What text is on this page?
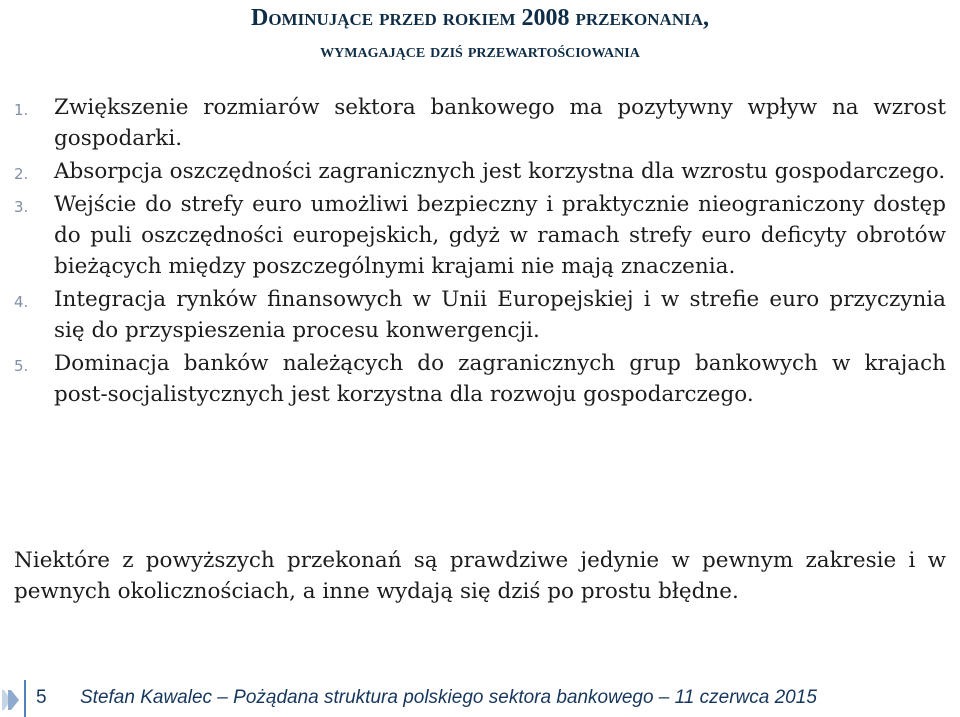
Dominujące przed rokiem 2008 przekonania,
wymagające dziś przewartościowania
1. Zwiększenie rozmiarów sektora bankowego ma pozytywny wpływ na wzrost gospodarki.
2. Absorpcja oszczędności zagranicznych jest korzystna dla wzrostu gospodarczego.
3. Wejście do strefy euro umożliwi bezpieczny i praktycznie nieograniczony dostęp do puli oszczędności europejskich, gdyż w ramach strefy euro deficyty obrotów bieżących między poszczególnymi krajami nie mają znaczenia.
4. Integracja rynków finansowych w Unii Europejskiej i w strefie euro przyczynia się do przyspieszenia procesu konwergencji.
5. Dominacja banków należących do zagranicznych grup bankowych w krajach post-socjalistycznych jest korzystna dla rozwoju gospodarczego.

Niektóre z powyższych przekonań są prawdziwe jedynie w pewnym zakresie i w pewnych okolicznościach, a inne wydają się dziś po prostu błędne.

5 Stefan Kawalec – Pożądana struktura polskiego sektora bankowego – 11 czerwca 2015
